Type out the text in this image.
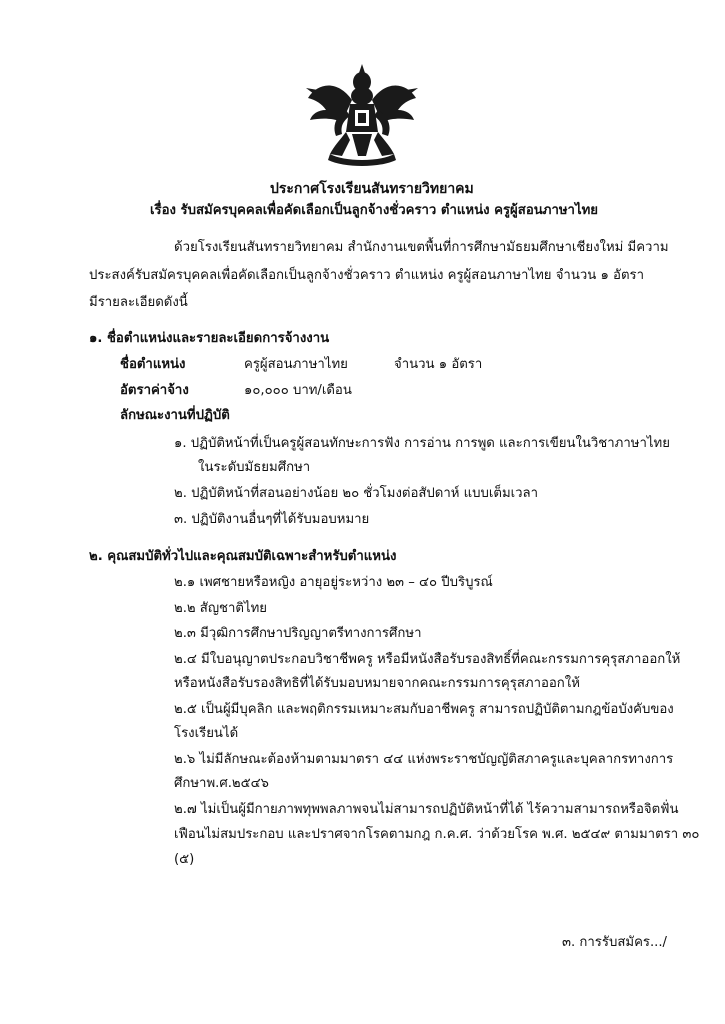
ประกาศโรงเรียนสันทรายวิทยาคม
เรื่อง รับสมัครบุคคลเพื่อคัดเลือกเป็นลูกจ้างชั่วคราว ตำแหน่ง ครูผู้สอนภาษาไทย
ด้วยโรงเรียนสันทรายวิทยาคม สำนักงานเขตพื้นที่การศึกษามัธยมศึกษาเชียงใหม่ มีความ
ประสงค์รับสมัครบุคคลเพื่อคัดเลือกเป็นลูกจ้างชั่วคราว ตำแหน่ง ครูผู้สอนภาษาไทย จำนวน ๑ อัตรา
มีรายละเอียดดังนี้
๑. ชื่อตำแหน่งและรายละเอียดการจ้างงาน
ชื่อตำแหน่ง	ครูผู้สอนภาษาไทย	จำนวน ๑ อัตรา
อัตราค่าจ้าง	๑๐,๐๐๐ บาท/เดือน
ลักษณะงานที่ปฏิบัติ
๑. ปฏิบัติหน้าที่เป็นครูผู้สอนทักษะการฟัง การอ่าน การพูด และการเขียนในวิชาภาษาไทย
ในระดับมัธยมศึกษา
๒. ปฏิบัติหน้าที่สอนอย่างน้อย ๒๐ ชั่วโมงต่อสัปดาห์ แบบเต็มเวลา
๓. ปฏิบัติงานอื่นๆที่ได้รับมอบหมาย
๒. คุณสมบัติทั่วไปและคุณสมบัติเฉพาะสำหรับตำแหน่ง
๒.๑ เพศชายหรือหญิง อายุอยู่ระหว่าง ๒๓ – ๔๐ ปีบริบูรณ์
๒.๒ สัญชาติไทย
๒.๓ มีวุฒิการศึกษาปริญญาตรีทางการศึกษา
๒.๔ มีใบอนุญาตประกอบวิชาชีพครู หรือมีหนังสือรับรองสิทธิ์ที่คณะกรรมการคุรุสภาออกให้
หรือหนังสือรับรองสิทธิที่ได้รับมอบหมายจากคณะกรรมการคุรุสภาออกให้
๒.๕ เป็นผู้มีบุคลิก และพฤติกรรมเหมาะสมกับอาชีพครู สามารถปฏิบัติตามกฎข้อบังคับของ
โรงเรียนได้
๒.๖ ไม่มีลักษณะต้องห้ามตามมาตรา ๔๔ แห่งพระราชบัญญัติสภาครูและบุคลากรทางการ
ศึกษาพ.ศ.๒๕๔๖
๒.๗ ไม่เป็นผู้มีกายภาพทุพพลภาพจนไม่สามารถปฏิบัติหน้าที่ได้ ไร้ความสามารถหรือจิตฟั่น
เฟือนไม่สมประกอบ และปราศจากโรคตามกฎ ก.ค.ศ. ว่าด้วยโรค พ.ศ. ๒๕๔๙ ตามมาตรา ๓๐
(๕)
๓. การรับสมัคร.../
